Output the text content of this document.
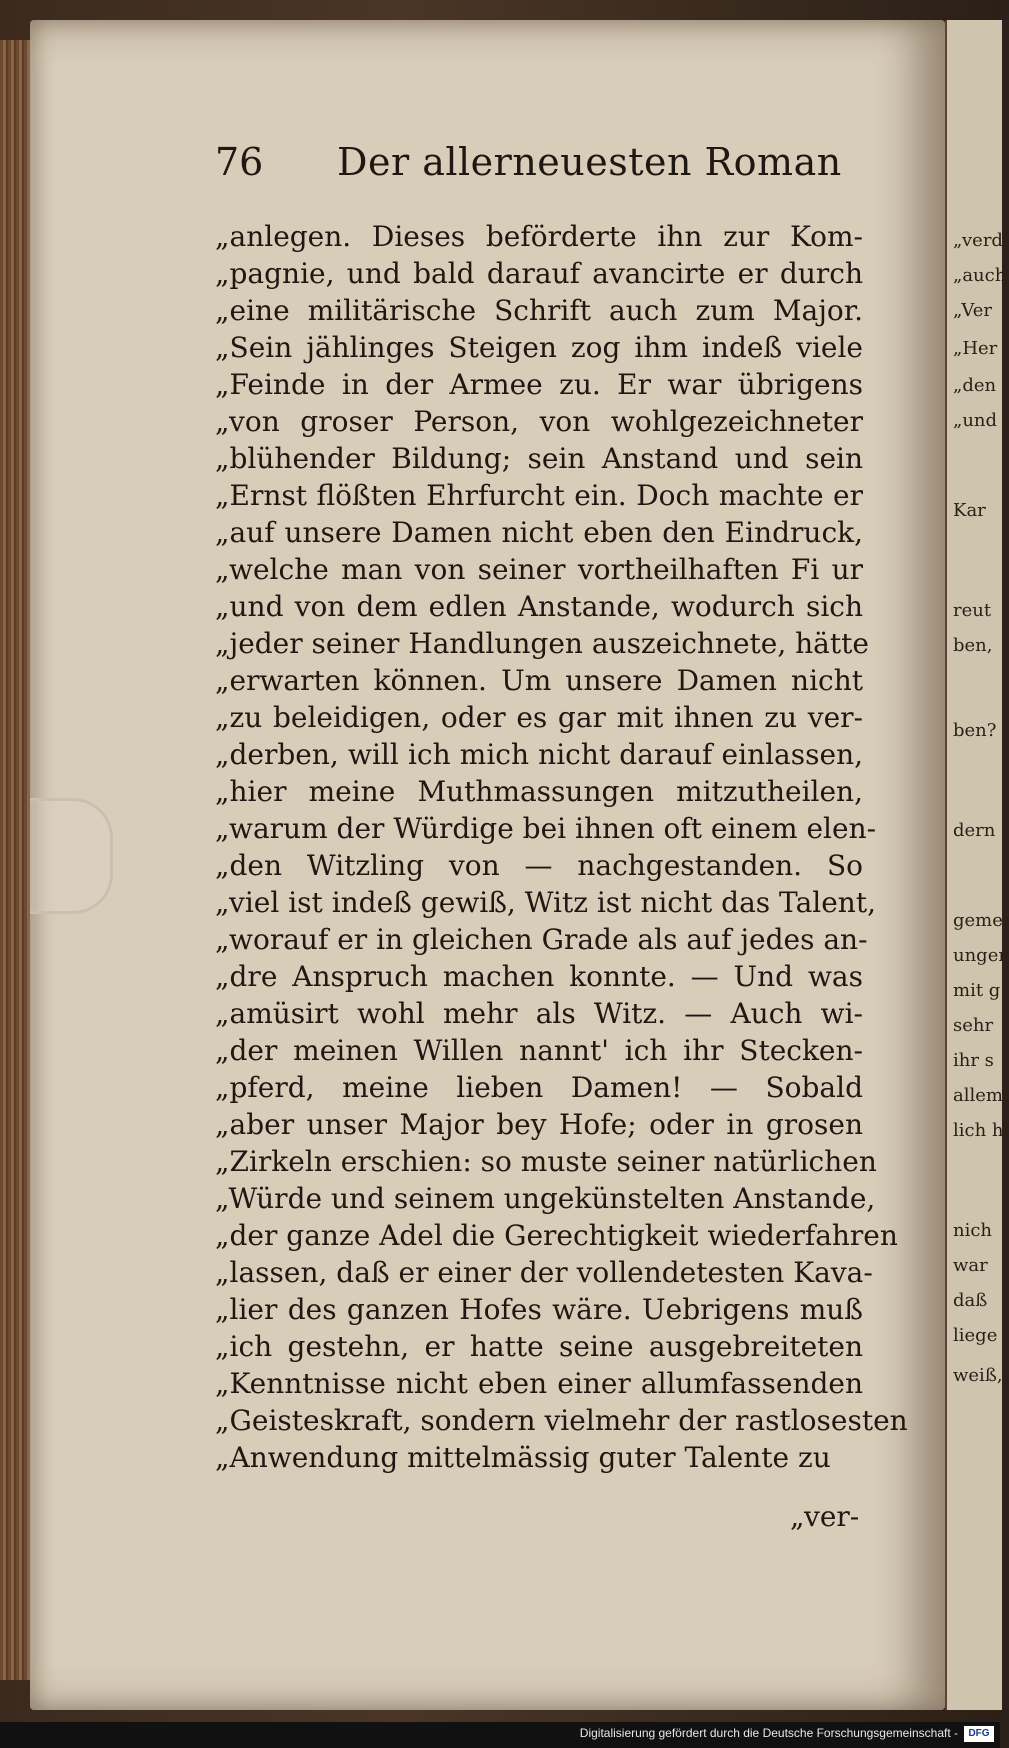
„verd
„auch
„Ver
„Her
„den
„und
Kar
reut
ben,
ben?
dern
gemei
unger
mit g
sehr
ihr s
allem
lich h
nich
war
daß
liege
weiß,
76 Der allerneuesten Roman
„anlegen. Dieses beförderte ihn zur Kom-
„pagnie, und bald darauf avancirte er durch
„eine militärische Schrift auch zum Major.
„Sein jählinges Steigen zog ihm indeß viele
„Feinde in der Armee zu. Er war übrigens
„von groser Person, von wohlgezeichneter
„blühender Bildung; sein Anstand und sein
„Ernst flößten Ehrfurcht ein. Doch machte er
„auf unsere Damen nicht eben den Eindruck,
„welche man von seiner vortheilhaften Fi ur
„und von dem edlen Anstande, wodurch sich
„jeder seiner Handlungen auszeichnete, hätte
„erwarten können. Um unsere Damen nicht
„zu beleidigen, oder es gar mit ihnen zu ver-
„derben, will ich mich nicht darauf einlassen,
„hier meine Muthmassungen mitzutheilen,
„warum der Würdige bei ihnen oft einem elen-
„den Witzling von — nachgestanden. So
„viel ist indeß gewiß, Witz ist nicht das Talent,
„worauf er in gleichen Grade als auf jedes an-
„dre Anspruch machen konnte. — Und was
„amüsirt wohl mehr als Witz. — Auch wi-
„der meinen Willen nannt' ich ihr Stecken-
„pferd, meine lieben Damen! — Sobald
„aber unser Major bey Hofe; oder in grosen
„Zirkeln erschien: so muste seiner natürlichen
„Würde und seinem ungekünstelten Anstande,
„der ganze Adel die Gerechtigkeit wiederfahren
„lassen, daß er einer der vollendetesten Kava-
„lier des ganzen Hofes wäre. Uebrigens muß
„ich gestehn, er hatte seine ausgebreiteten
„Kenntnisse nicht eben einer allumfassenden
„Geisteskraft, sondern vielmehr der rastlosesten
„Anwendung mittelmässig guter Talente zu
„ver-
Digitalisierung gefördert durch die Deutsche Forschungsgemeinschaft -	DFG
